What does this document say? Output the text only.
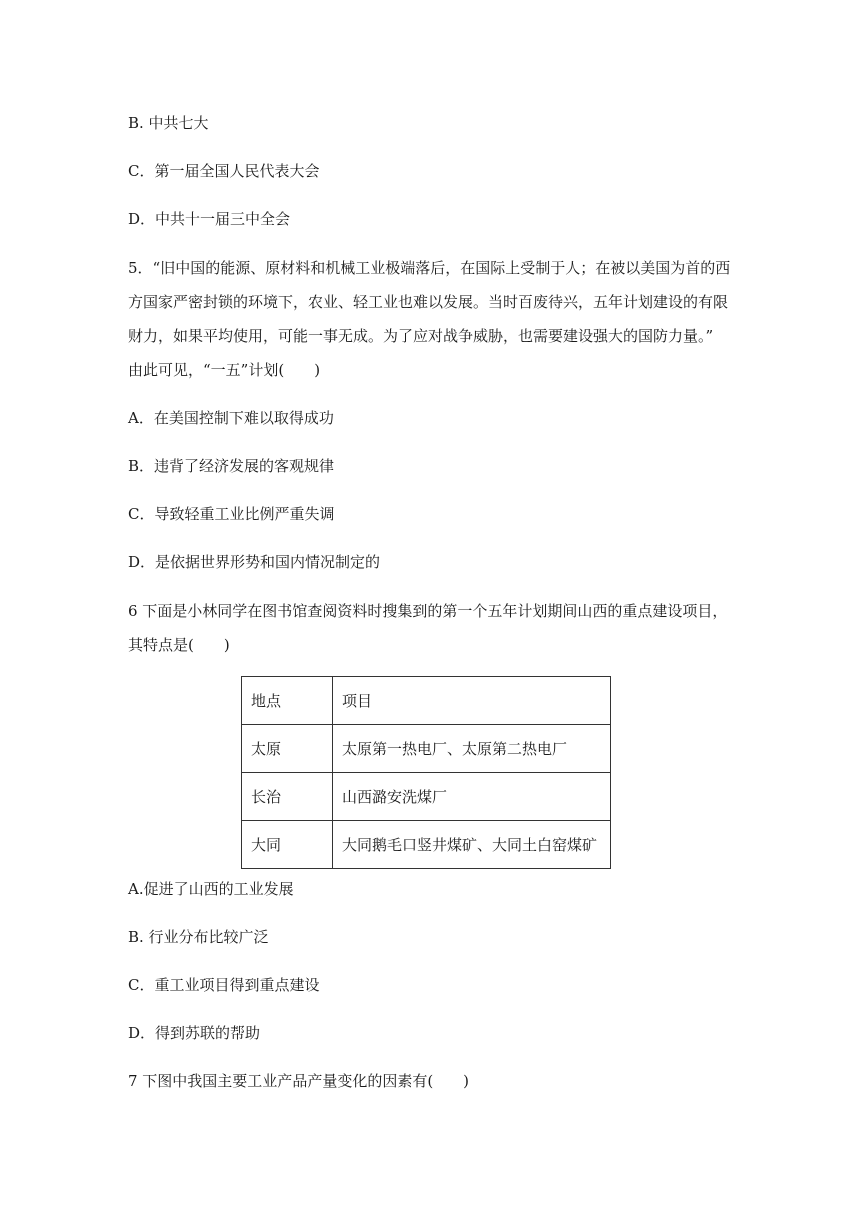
B. 中共七大
C．第一届全国人民代表大会
D．中共十一届三中全会
5．“旧中国的能源、原材料和机械工业极端落后，在国际上受制于人；在被以美国为首的西
方国家严密封锁的环境下，农业、轻工业也难以发展。当时百废待兴，五年计划建设的有限
财力，如果平均使用，可能一事无成。为了应对战争威胁，也需要建设强大的国防力量。”
由此可见，“一五”计划(　　)
A．在美国控制下难以取得成功
B．违背了经济发展的客观规律
C．导致轻重工业比例严重失调
D．是依据世界形势和国内情况制定的
6 下面是小林同学在图书馆查阅资料时搜集到的第一个五年计划期间山西的重点建设项目，
其特点是(　　)
地点	项目
太原	太原第一热电厂、太原第二热电厂
长治	山西潞安洗煤厂
大同	大同鹅毛口竖井煤矿、大同土白窑煤矿
A.促进了山西的工业发展
B. 行业分布比较广泛
C．重工业项目得到重点建设
D．得到苏联的帮助
7 下图中我国主要工业产品产量变化的因素有(　　)
